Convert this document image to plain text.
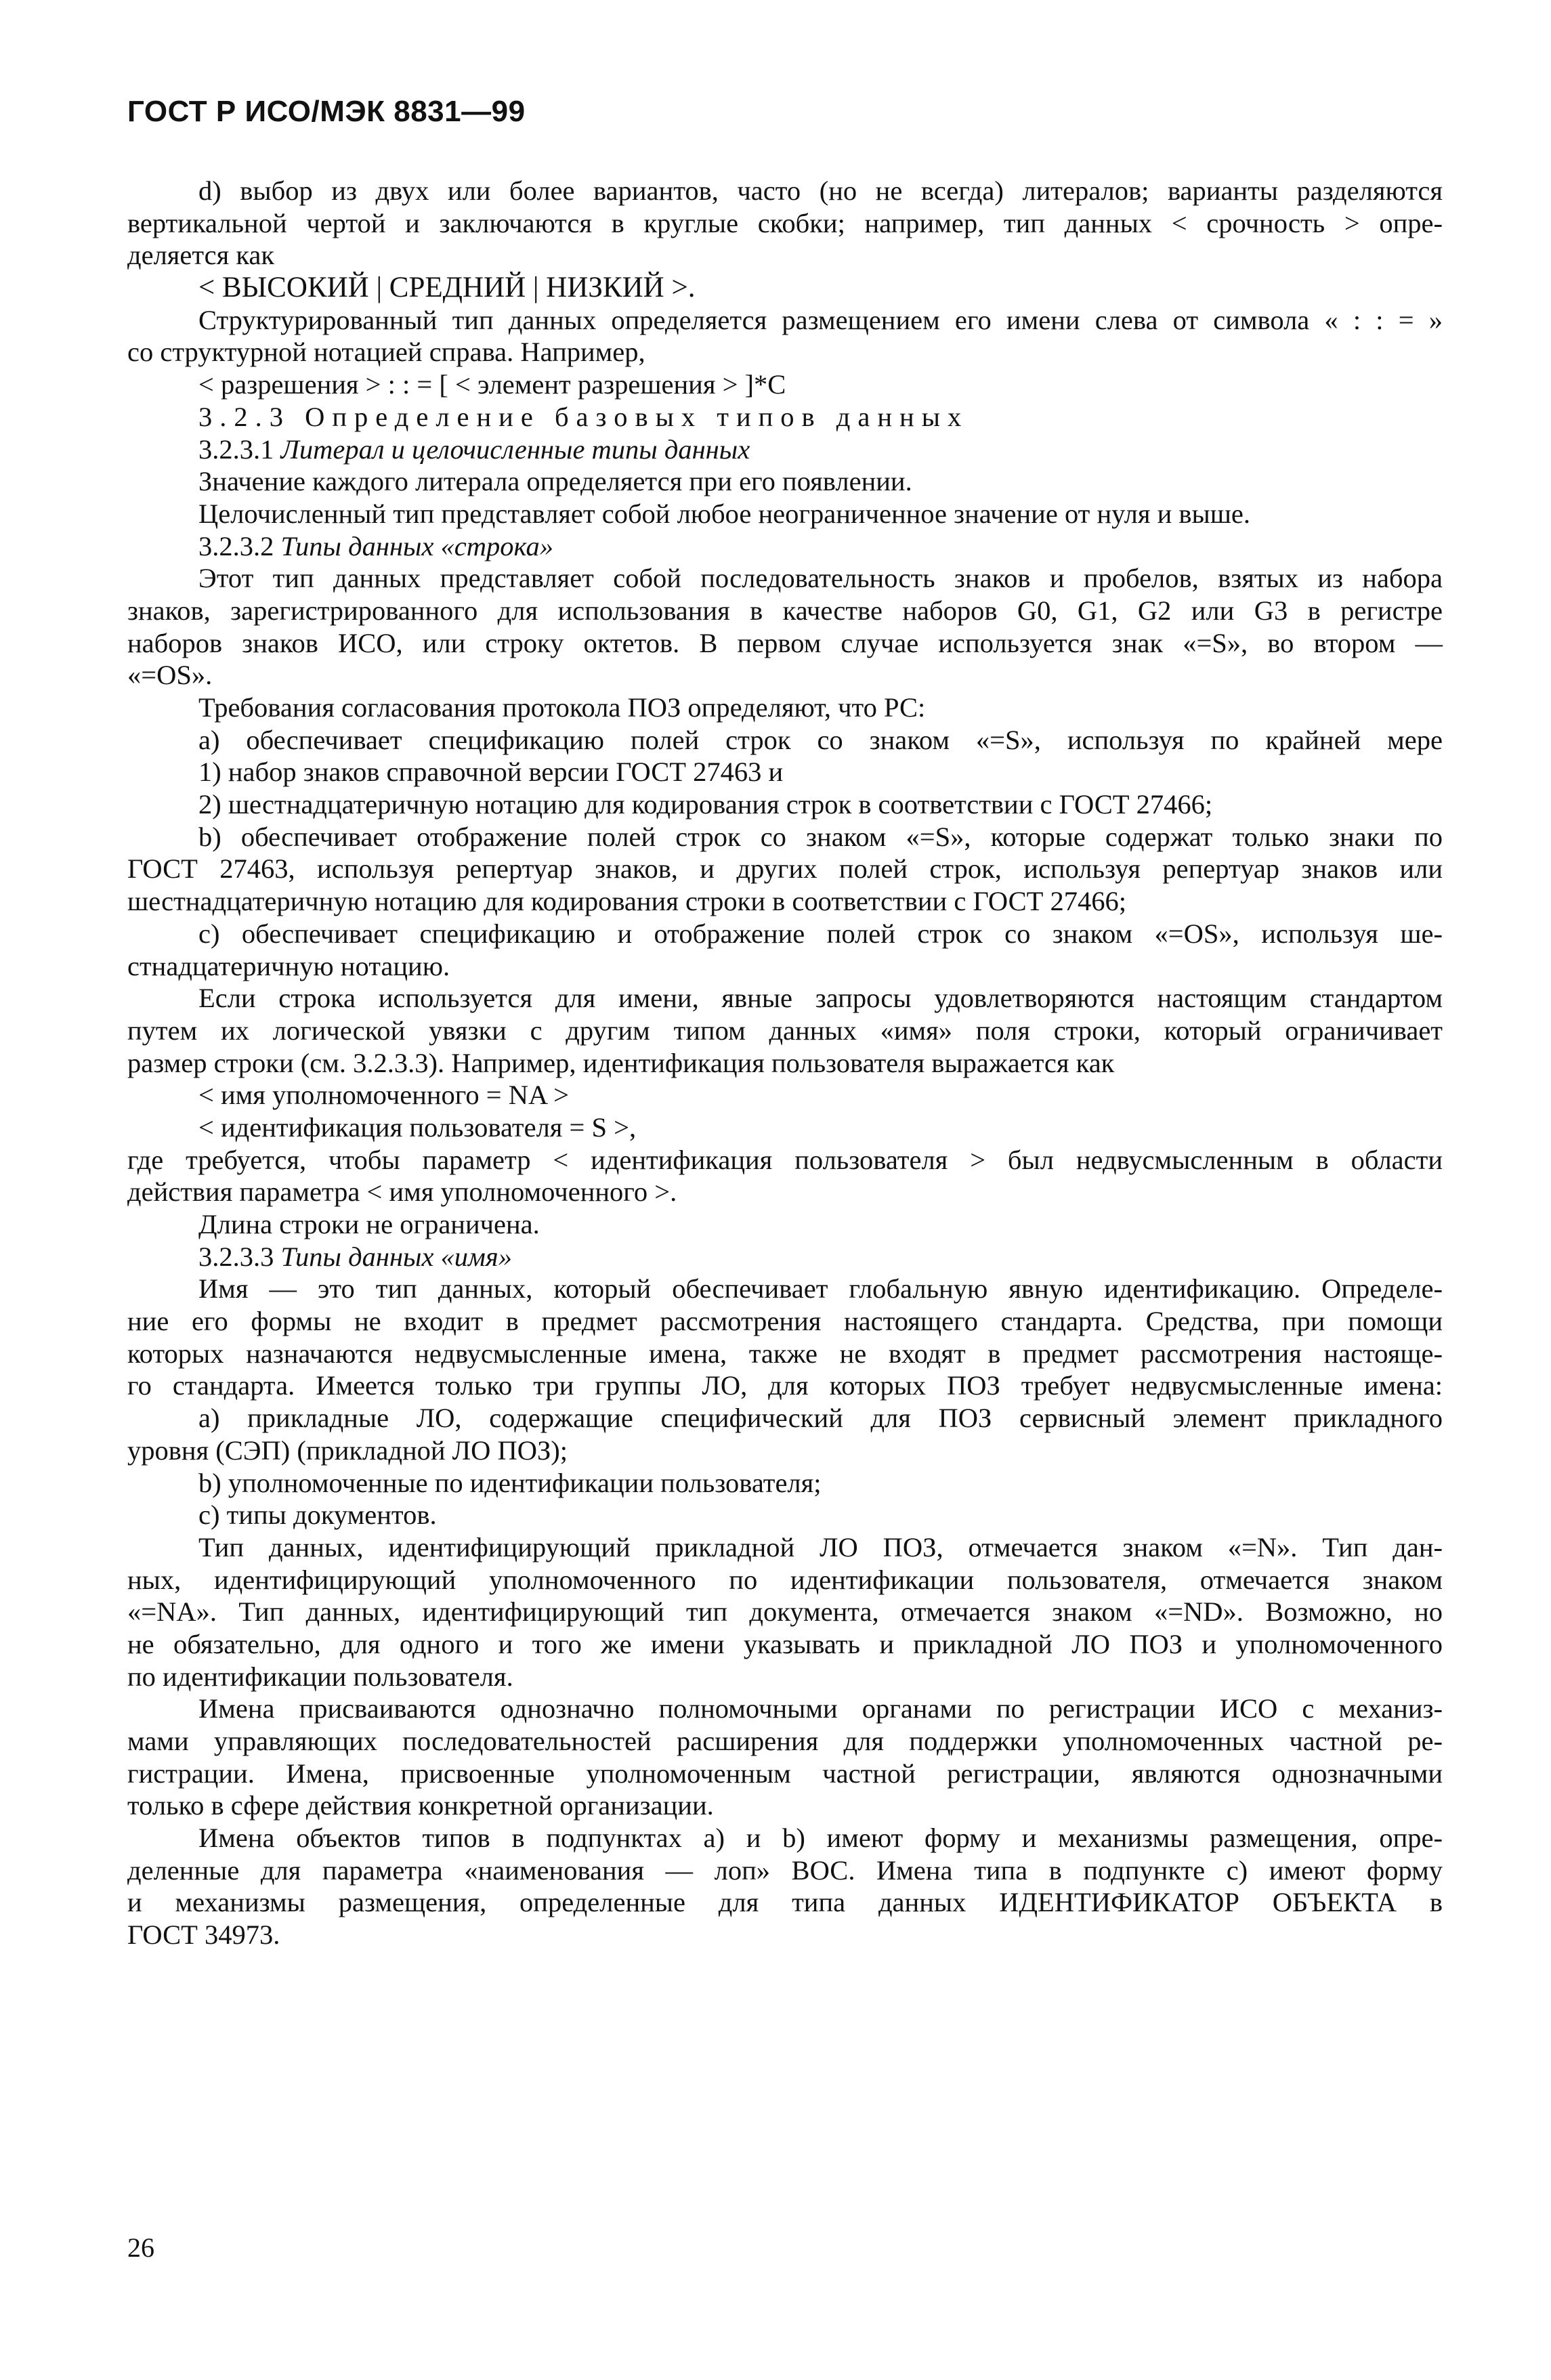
ГОСТ Р ИСО/МЭК 8831—99
d) выбор из двух или более вариантов, часто (но не всегда) литералов; варианты разделяются
вертикальной чертой и заключаются в круглые скобки; например, тип данных < срочность > опре-
деляется как
< ВЫСОКИЙ | СРЕДНИЙ | НИЗКИЙ >.
Структурированный тип данных определяется размещением его имени слева от символа « : : = »
со структурной нотацией справа. Например,
< разрешения > : : = [ < элемент разрешения > ]*C
3.2.3 Определение базовых типов данных
3.2.3.1 Литерал и целочисленные типы данных
Значение каждого литерала определяется при его появлении.
Целочисленный тип представляет собой любое неограниченное значение от нуля и выше.
3.2.3.2 Типы данных «строка»
Этот тип данных представляет собой последовательность знаков и пробелов, взятых из набора
знаков, зарегистрированного для использования в качестве наборов G0, G1, G2 или G3 в регистре
наборов знаков ИСО, или строку октетов. В первом случае используется знак «=S», во втором —
«=OS».
Требования согласования протокола ПОЗ определяют, что РС:
a) обеспечивает спецификацию полей строк со знаком «=S», используя по крайней мере
1) набор знаков справочной версии ГОСТ 27463 и
2) шестнадцатеричную нотацию для кодирования строк в соответствии с ГОСТ 27466;
b) обеспечивает отображение полей строк со знаком «=S», которые содержат только знаки по
ГОСТ 27463, используя репертуар знаков, и других полей строк, используя репертуар знаков или
шестнадцатеричную нотацию для кодирования строки в соответствии с ГОСТ 27466;
c) обеспечивает спецификацию и отображение полей строк со знаком «=OS», используя ше-
стнадцатеричную нотацию.
Если строка используется для имени, явные запросы удовлетворяются настоящим стандартом
путем их логической увязки с другим типом данных «имя» поля строки, который ограничивает
размер строки (см. 3.2.3.3). Например, идентификация пользователя выражается как
< имя уполномоченного = NA >
< идентификация пользователя = S >,
где требуется, чтобы параметр < идентификация пользователя > был недвусмысленным в области
действия параметра < имя уполномоченного >.
Длина строки не ограничена.
3.2.3.3 Типы данных «имя»
Имя — это тип данных, который обеспечивает глобальную явную идентификацию. Определе-
ние его формы не входит в предмет рассмотрения настоящего стандарта. Средства, при помощи
которых назначаются недвусмысленные имена, также не входят в предмет рассмотрения настояще-
го стандарта. Имеется только три группы ЛО, для которых ПОЗ требует недвусмысленные имена:
a) прикладные ЛО, содержащие специфический для ПОЗ сервисный элемент прикладного
уровня (СЭП) (прикладной ЛО ПОЗ);
b) уполномоченные по идентификации пользователя;
c) типы документов.
Тип данных, идентифицирующий прикладной ЛО ПОЗ, отмечается знаком «=N». Тип дан-
ных, идентифицирующий уполномоченного по идентификации пользователя, отмечается знаком
«=NA». Тип данных, идентифицирующий тип документа, отмечается знаком «=ND». Возможно, но
не обязательно, для одного и того же имени указывать и прикладной ЛО ПОЗ и уполномоченного
по идентификации пользователя.
Имена присваиваются однозначно полномочными органами по регистрации ИСО с механиз-
мами управляющих последовательностей расширения для поддержки уполномоченных частной ре-
гистрации. Имена, присвоенные уполномоченным частной регистрации, являются однозначными
только в сфере действия конкретной организации.
Имена объектов типов в подпунктах a) и b) имеют форму и механизмы размещения, опре-
деленные для параметра «наименования — лоп» ВОС. Имена типа в подпункте c) имеют форму
и механизмы размещения, определенные для типа данных ИДЕНТИФИКАТОР ОБЪЕКТА в
ГОСТ 34973.
26
